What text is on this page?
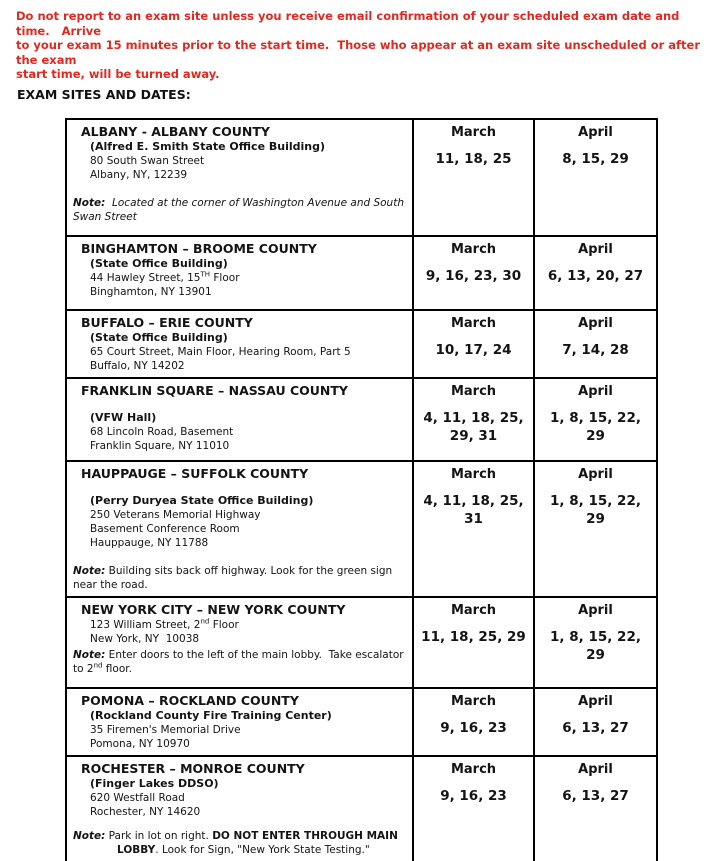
Do not report to an exam site unless you receive email confirmation of your scheduled exam date and time.   Arrive
to your exam 15 minutes prior to the start time.  Those who appear at an exam site unscheduled or after the exam
start time, will be turned away.
EXAM SITES AND DATES:
ALBANY - ALBANY COUNTY
(Alfred E. Smith State Office Building)
80 South Swan Street
Albany, NY, 12239
Note:  Located at the corner of Washington Avenue and South Swan Street

March
11, 18, 25

April
8, 15, 29

BINGHAMTON – BROOME COUNTY
(State Office Building)
44 Hawley Street, 15TH Floor
Binghamton, NY 13901

March
9, 16, 23, 30

April
6, 13, 20, 27

BUFFALO – ERIE COUNTY
(State Office Building)
65 Court Street, Main Floor, Hearing Room, Part 5
Buffalo, NY 14202

March
10, 17, 24

April
7, 14, 28

FRANKLIN SQUARE – NASSAU COUNTY
(VFW Hall)
68 Lincoln Road, Basement
Franklin Square, NY 11010

March
4, 11, 18, 25, 29, 31

April
1, 8, 15, 22, 29

HAUPPAUGE – SUFFOLK COUNTY
(Perry Duryea State Office Building)
250 Veterans Memorial Highway
Basement Conference Room
Hauppauge, NY 11788
Note: Building sits back off highway. Look for the green sign near the road.

March
4, 11, 18, 25, 31

April
1, 8, 15, 22, 29

NEW YORK CITY – NEW YORK COUNTY
123 William Street, 2nd Floor
New York, NY  10038
Note: Enter doors to the left of the main lobby.  Take escalator to 2nd floor.

March
11, 18, 25, 29

April
1, 8, 15, 22, 29

POMONA – ROCKLAND COUNTY
(Rockland County Fire Training Center)
35 Firemen's Memorial Drive
Pomona, NY 10970

March
9, 16, 23

April
6, 13, 27

ROCHESTER – MONROE COUNTY
(Finger Lakes DDSO)
620 Westfall Road
Rochester, NY 14620
Note: Park in lot on right. DO NOT ENTER THROUGH MAIN LOBBY. Look for Sign, "New York State Testing."

March
9, 16, 23

April
6, 13, 27
